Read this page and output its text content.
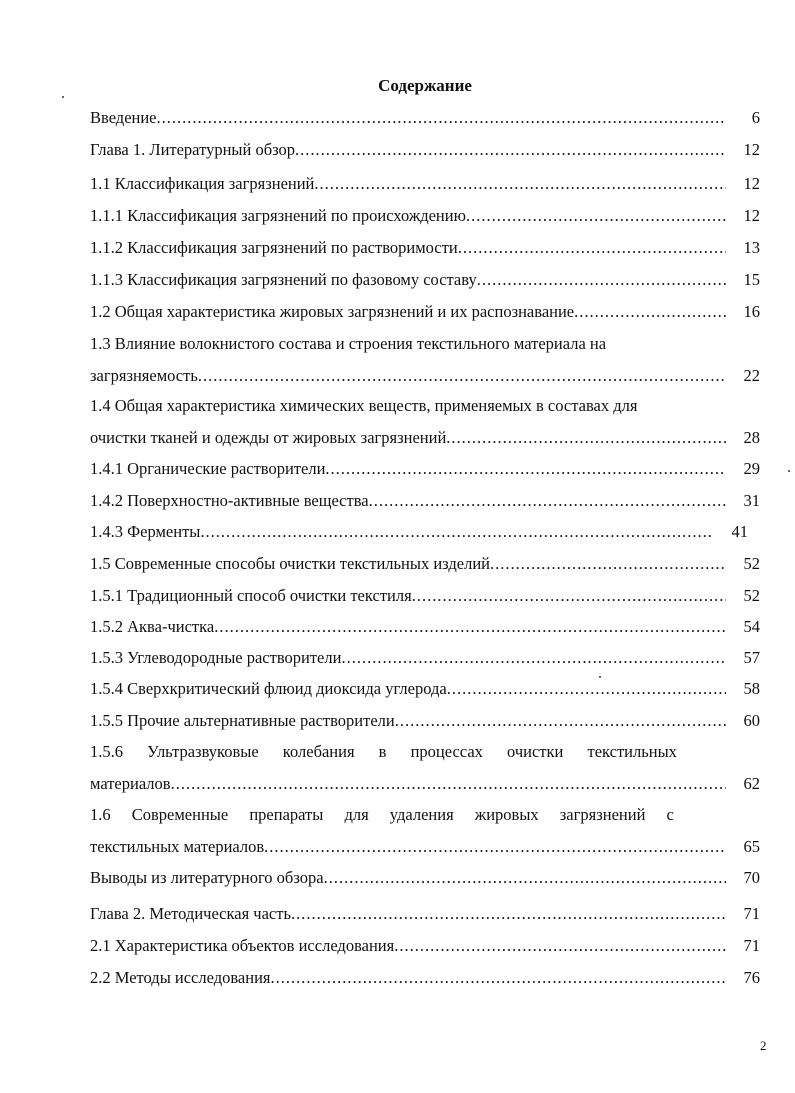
Содержание
Введение .....	6
Глава 1. Литературный обзор .....	12
1.1 Классификация загрязнений .....	12
1.1.1 Классификация загрязнений по происхождению .....	12
1.1.2 Классификация загрязнений по растворимости .....	13
1.1.3 Классификация загрязнений по фазовому составу .....	15
1.2 Общая характеристика жировых загрязнений и их распознавание .....	16
1.3 Влияние волокнистого состава и строения текстильного материала на
загрязняемость .....	22
1.4 Общая характеристика химических веществ, применяемых в составах для
очистки тканей и одежды от жировых загрязнений .....	28
1.4.1 Органические растворители .....	29
1.4.2 Поверхностно-активные вещества .....	31
1.4.3 Ферменты .....	41
1.5 Современные способы очистки текстильных изделий .....	52
1.5.1 Традиционный способ очистки текстиля .....	52
1.5.2 Аква-чистка .....	54
1.5.3 Углеводородные растворители .....	57
1.5.4 Сверхкритический флюид диоксида углерода .....	58
1.5.5 Прочие альтернативные растворители .....	60
1.5.6 Ультразвуковые колебания в процессах очистки текстильных
материалов .....	62
1.6 Современные препараты для удаления жировых загрязнений с
текстильных материалов .....	65
Выводы из литературного обзора .....	70
Глава 2. Методическая часть .....	71
2.1 Характеристика объектов исследования .....	71
2.2 Методы исследования .....	76
2
